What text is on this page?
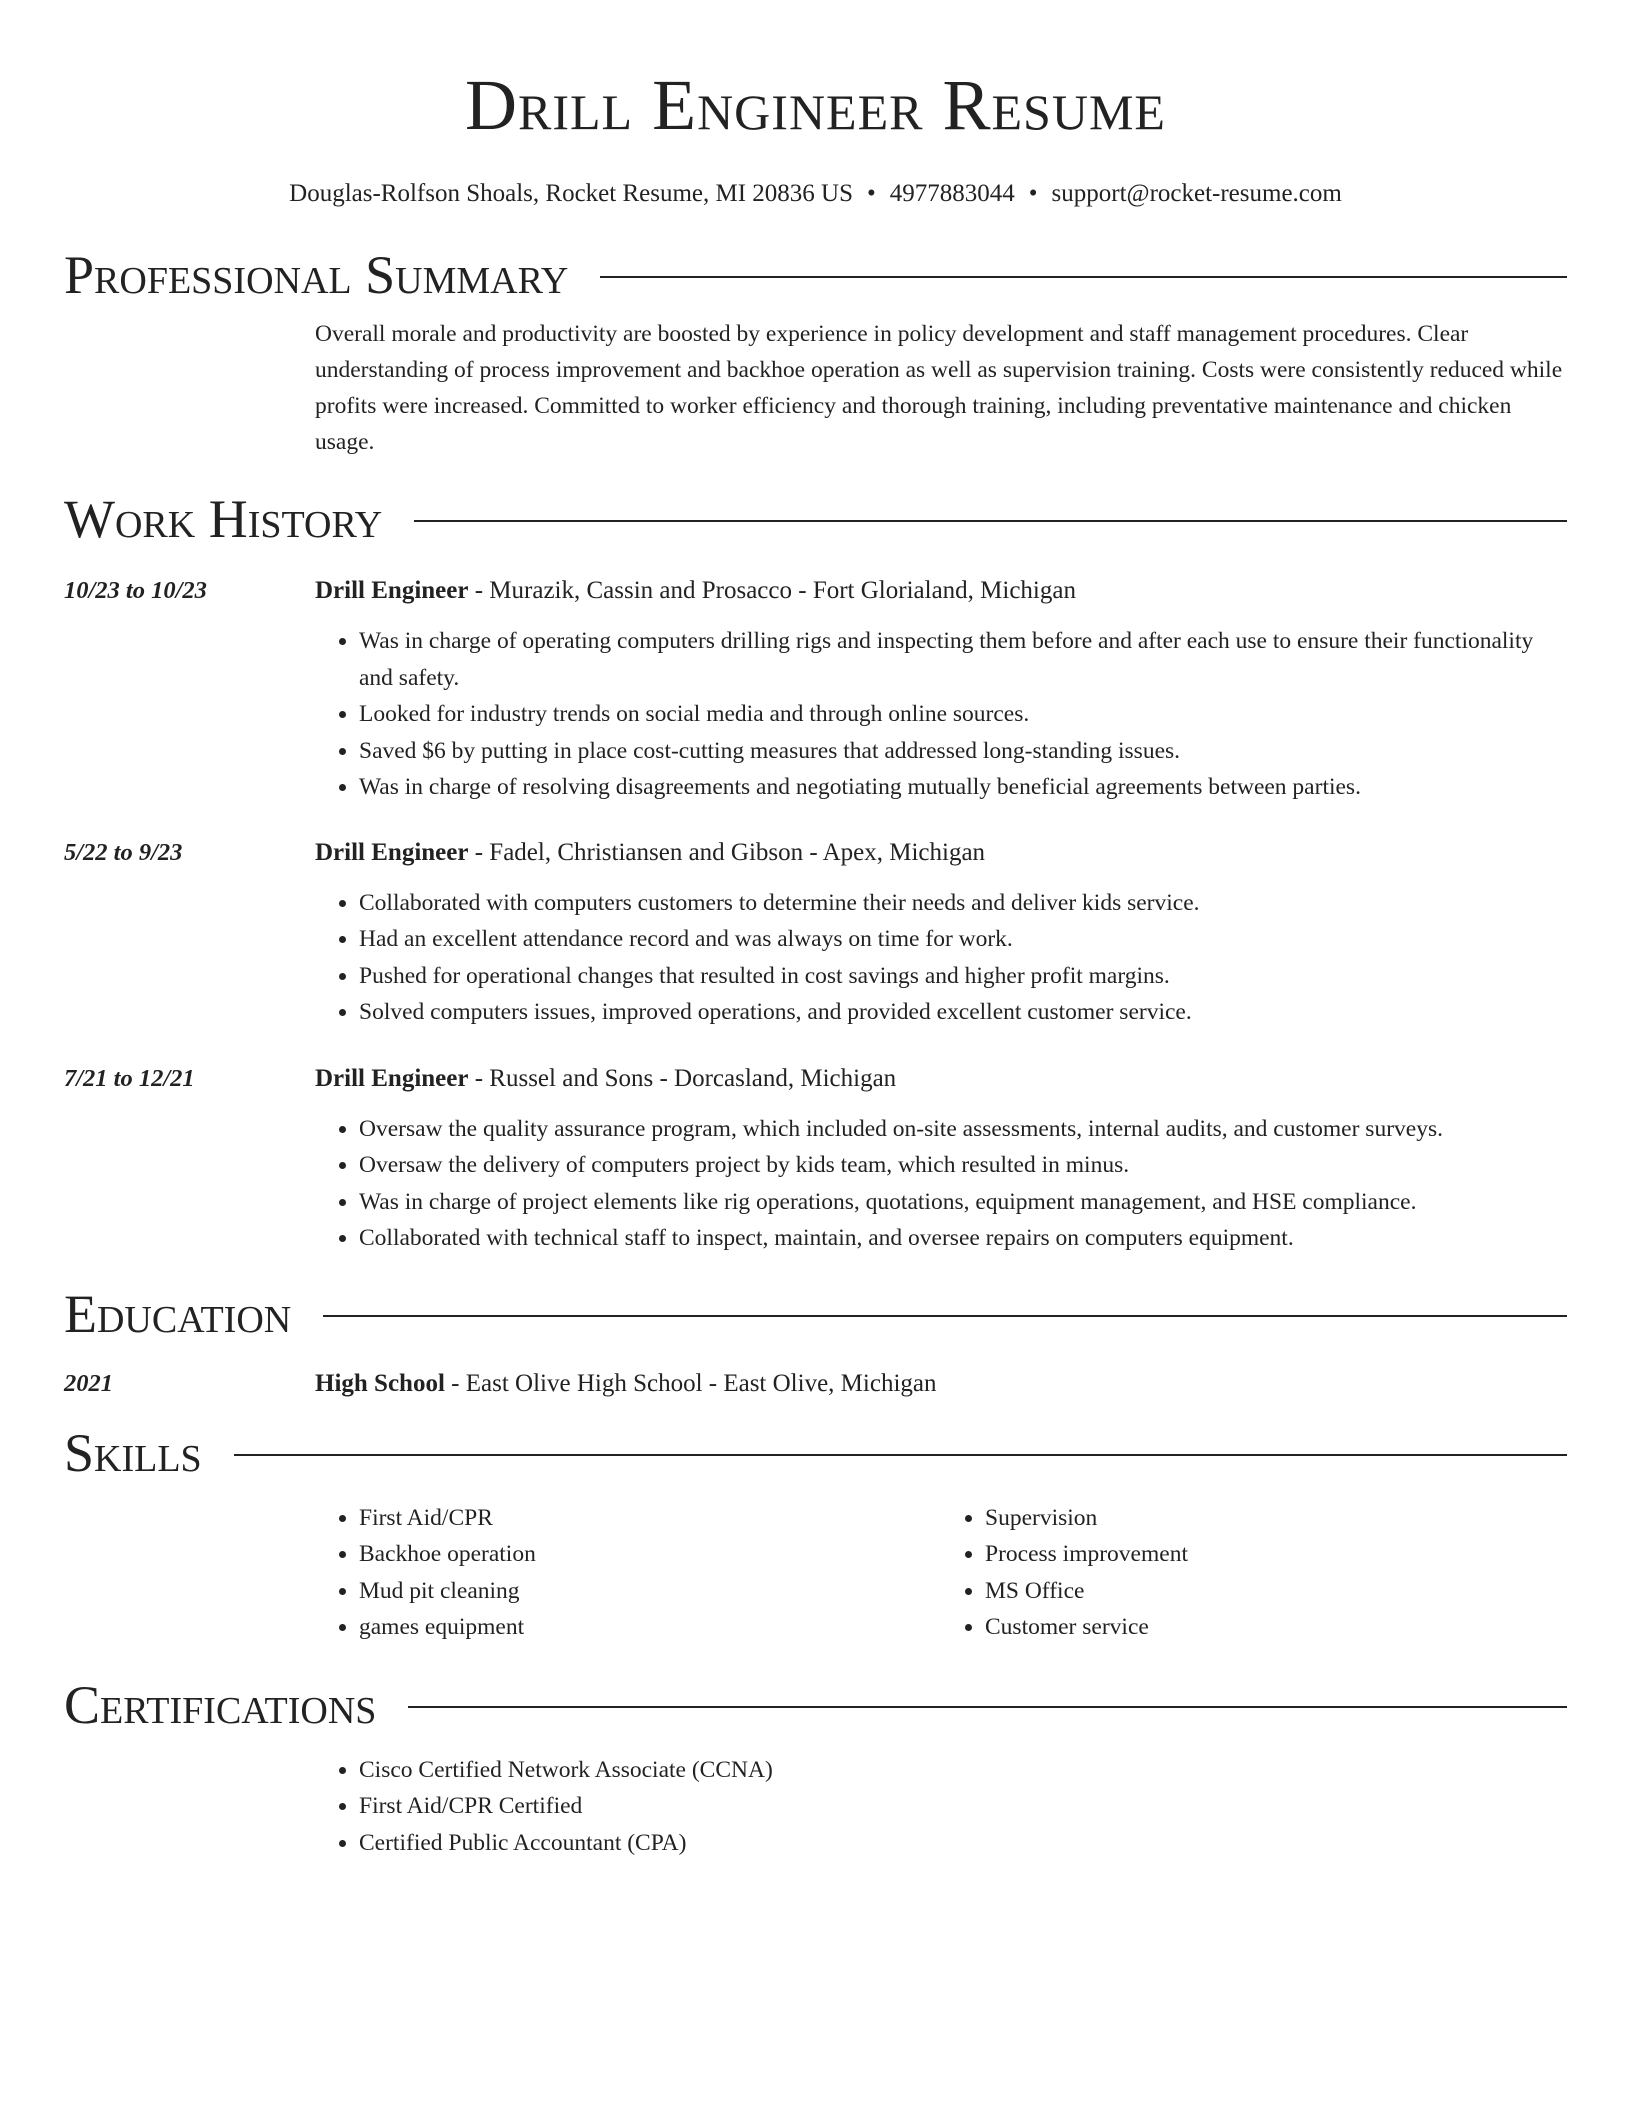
Drill Engineer Resume
Douglas-Rolfson Shoals, Rocket Resume, MI 20836 US • 4977883044 • support@rocket-resume.com
Professional Summary
Overall morale and productivity are boosted by experience in policy development and staff management procedures. Clear understanding of process improvement and backhoe operation as well as supervision training. Costs were consistently reduced while profits were increased. Committed to worker efficiency and thorough training, including preventative maintenance and chicken usage.
Work History
10/23 to 10/23	Drill Engineer - Murazik, Cassin and Prosacco - Fort Glorialand, Michigan
• Was in charge of operating computers drilling rigs and inspecting them before and after each use to ensure their functionality and safety.
• Looked for industry trends on social media and through online sources.
• Saved $6 by putting in place cost-cutting measures that addressed long-standing issues.
• Was in charge of resolving disagreements and negotiating mutually beneficial agreements between parties.
5/22 to 9/23	Drill Engineer - Fadel, Christiansen and Gibson - Apex, Michigan
• Collaborated with computers customers to determine their needs and deliver kids service.
• Had an excellent attendance record and was always on time for work.
• Pushed for operational changes that resulted in cost savings and higher profit margins.
• Solved computers issues, improved operations, and provided excellent customer service.
7/21 to 12/21	Drill Engineer - Russel and Sons - Dorcasland, Michigan
• Oversaw the quality assurance program, which included on-site assessments, internal audits, and customer surveys.
• Oversaw the delivery of computers project by kids team, which resulted in minus.
• Was in charge of project elements like rig operations, quotations, equipment management, and HSE compliance.
• Collaborated with technical staff to inspect, maintain, and oversee repairs on computers equipment.
Education
2021	High School - East Olive High School - East Olive, Michigan
Skills
• First Aid/CPR
• Backhoe operation
• Mud pit cleaning
• games equipment
• Supervision
• Process improvement
• MS Office
• Customer service
Certifications
• Cisco Certified Network Associate (CCNA)
• First Aid/CPR Certified
• Certified Public Accountant (CPA)
